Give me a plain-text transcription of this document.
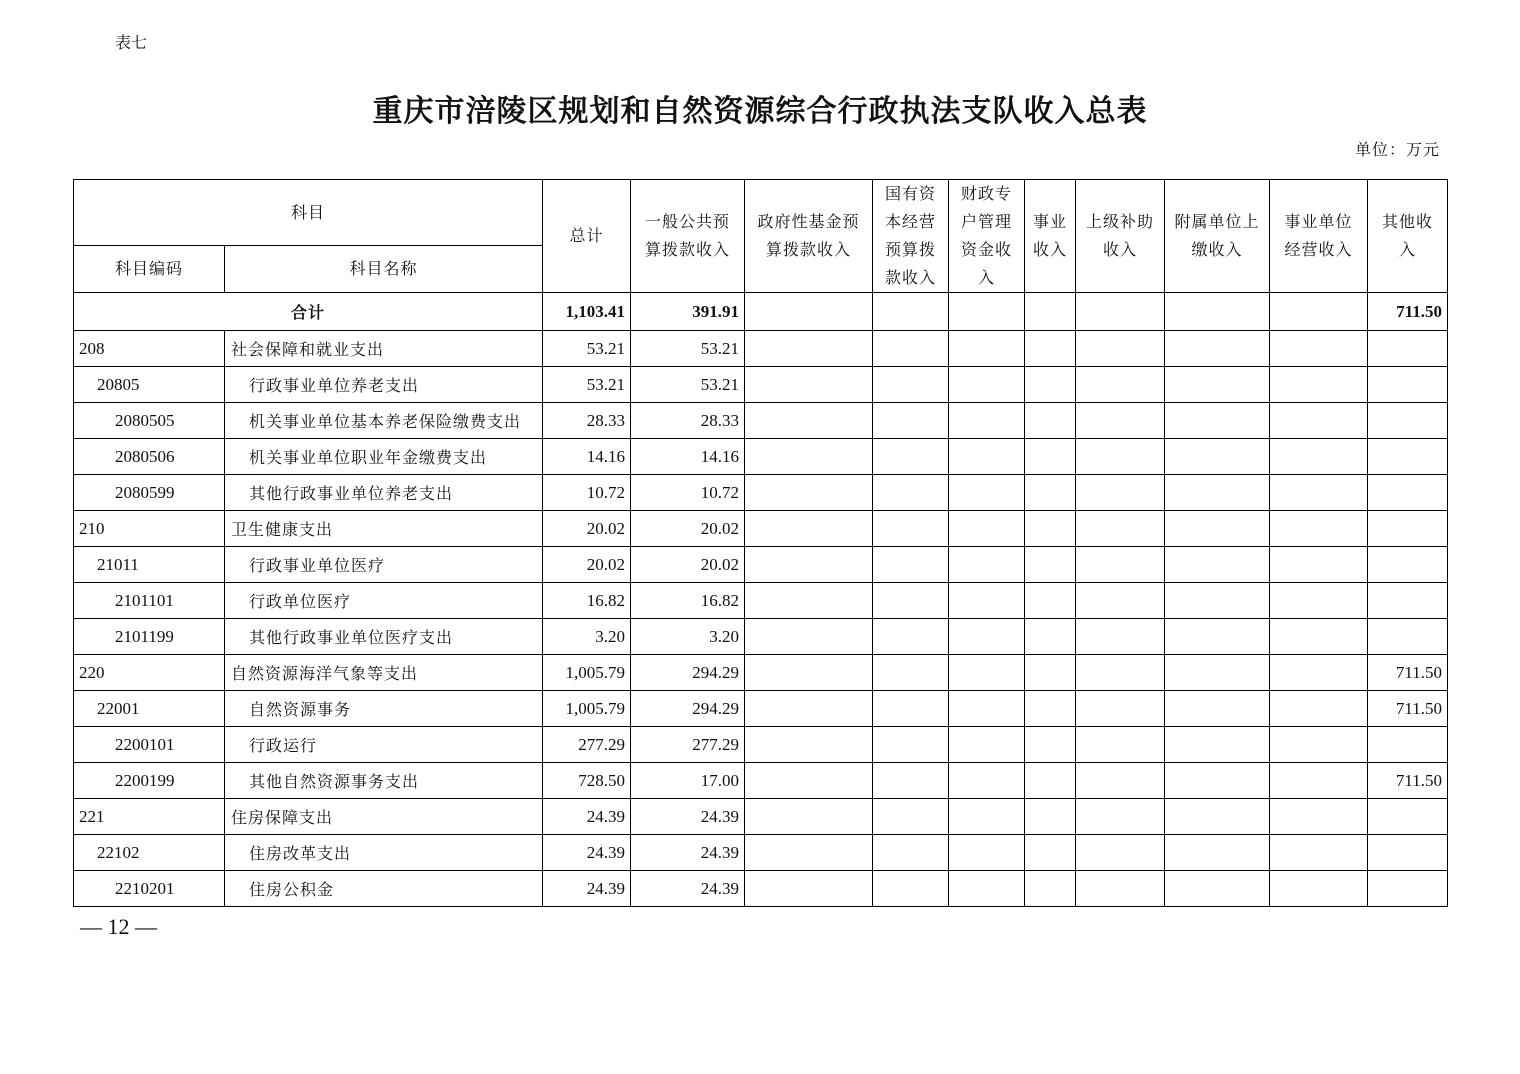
表七
重庆市涪陵区规划和自然资源综合行政执法支队收入总表
单位：万元
科目		总计	一般公共预算拨款收入	政府性基金预算拨款收入	国有资本经营预算拨款收入	财政专户管理资金收入	事业收入	上级补助收入	附属单位上缴收入	事业单位经营收入	其他收入
科目编码	科目名称										
合计		1,103.41	391.91								711.50
208	社会保障和就业支出	53.21	53.21								
20805	行政事业单位养老支出	53.21	53.21								
2080505	机关事业单位基本养老保险缴费支出	28.33	28.33								
2080506	机关事业单位职业年金缴费支出	14.16	14.16								
2080599	其他行政事业单位养老支出	10.72	10.72								
210	卫生健康支出	20.02	20.02								
21011	行政事业单位医疗	20.02	20.02								
2101101	行政单位医疗	16.82	16.82								
2101199	其他行政事业单位医疗支出	3.20	3.20								
220	自然资源海洋气象等支出	1,005.79	294.29								711.50
22001	自然资源事务	1,005.79	294.29								711.50
2200101	行政运行	277.29	277.29								
2200199	其他自然资源事务支出	728.50	17.00								711.50
221	住房保障支出	24.39	24.39								
22102	住房改革支出	24.39	24.39								
2210201	住房公积金	24.39	24.39								
— 12 —
